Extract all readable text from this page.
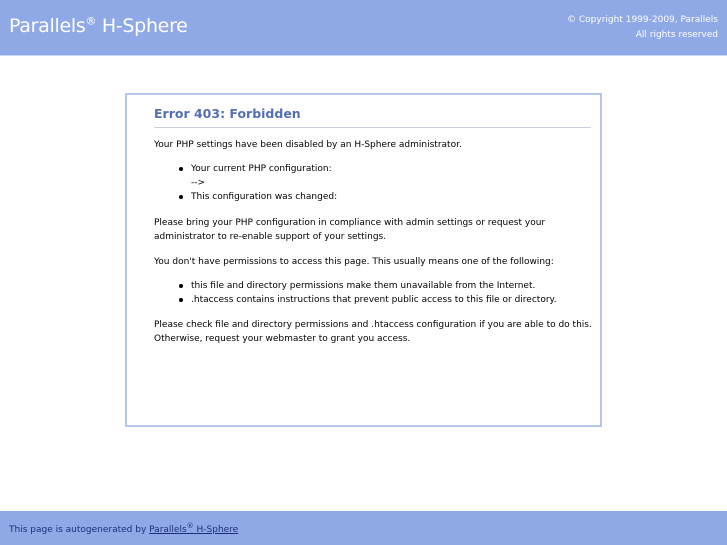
Parallels® H-Sphere	© Copyright 1999-2009, Parallels
All rights reserved
Error 403: Forbidden

Your PHP settings have been disabled by an H-Sphere administrator.

Your current PHP configuration:
-->
This configuration was changed:

Please bring your PHP configuration in compliance with admin settings or request your administrator to re-enable support of your settings.

You don't have permissions to access this page. This usually means one of the following:

this file and directory permissions make them unavailable from the Internet.
.htaccess contains instructions that prevent public access to this file or directory.

Please check file and directory permissions and .htaccess configuration if you are able to do this.
Otherwise, request your webmaster to grant you access.

This page is autogenerated by Parallels® H-Sphere
